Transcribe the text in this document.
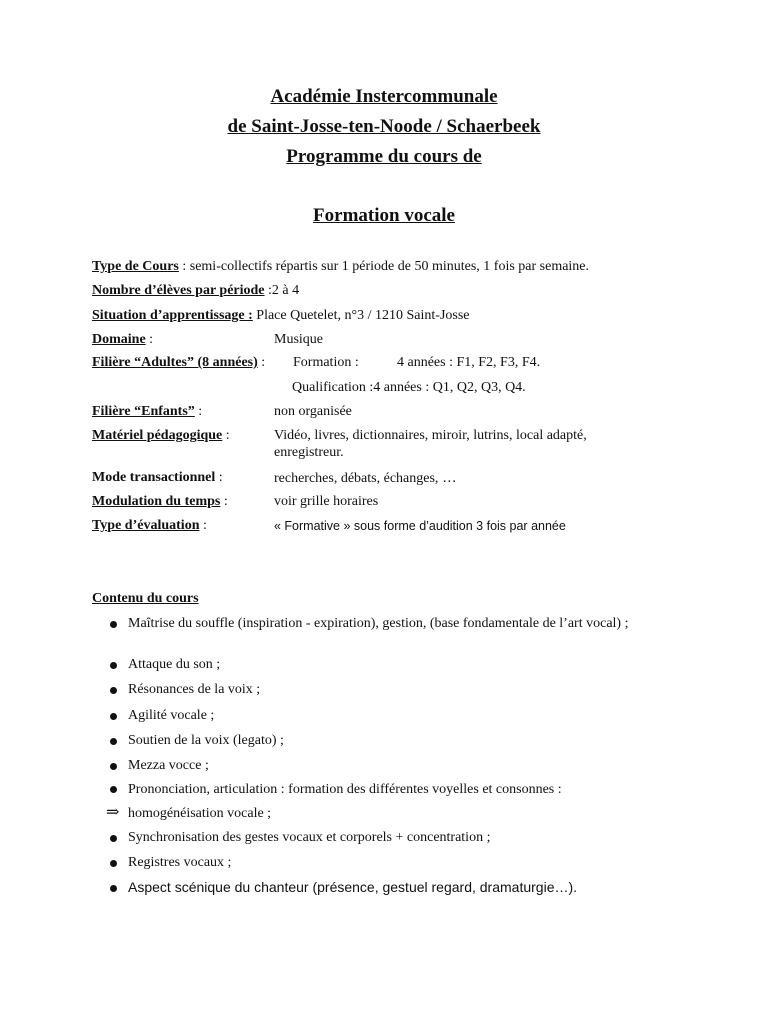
Académie Instercommunale
de Saint-Josse-ten-Noode / Schaerbeek
Programme du cours de
Formation vocale
Type de Cours : semi-collectifs répartis sur 1 période de 50 minutes, 1 fois par semaine.
Nombre d’élèves par période :2 à 4
Situation d’apprentissage : Place Quetelet, n°3 / 1210 Saint-Josse
Domaine :	Musique
Filière “Adultes” (8 années) : Formation :	4 années : F1, F2, F3, F4.
Qualification :4 années : Q1, Q2, Q3, Q4.
Filière “Enfants” :	non organisée
Matériel pédagogique :	Vidéo, livres, dictionnaires, miroir, lutrins, local adapté,
enregistreur.
Mode transactionnel :	recherches, débats, échanges, …
Modulation du temps :	voir grille horaires
Type d’évaluation :	« Formative » sous forme d’audition 3 fois par année
Contenu du cours
Maîtrise du souffle (inspiration - expiration), gestion, (base fondamentale de l’art vocal) ;
Attaque du son ;
Résonances de la voix ;
Agilité vocale ;
Soutien de la voix (legato) ;
Mezza vocce ;
Prononciation, articulation : formation des différentes voyelles et consonnes :
⇒ homogénéisation vocale ;
Synchronisation des gestes vocaux et corporels + concentration ;
Registres vocaux ;
Aspect scénique du chanteur (présence, gestuel regard, dramaturgie…).
